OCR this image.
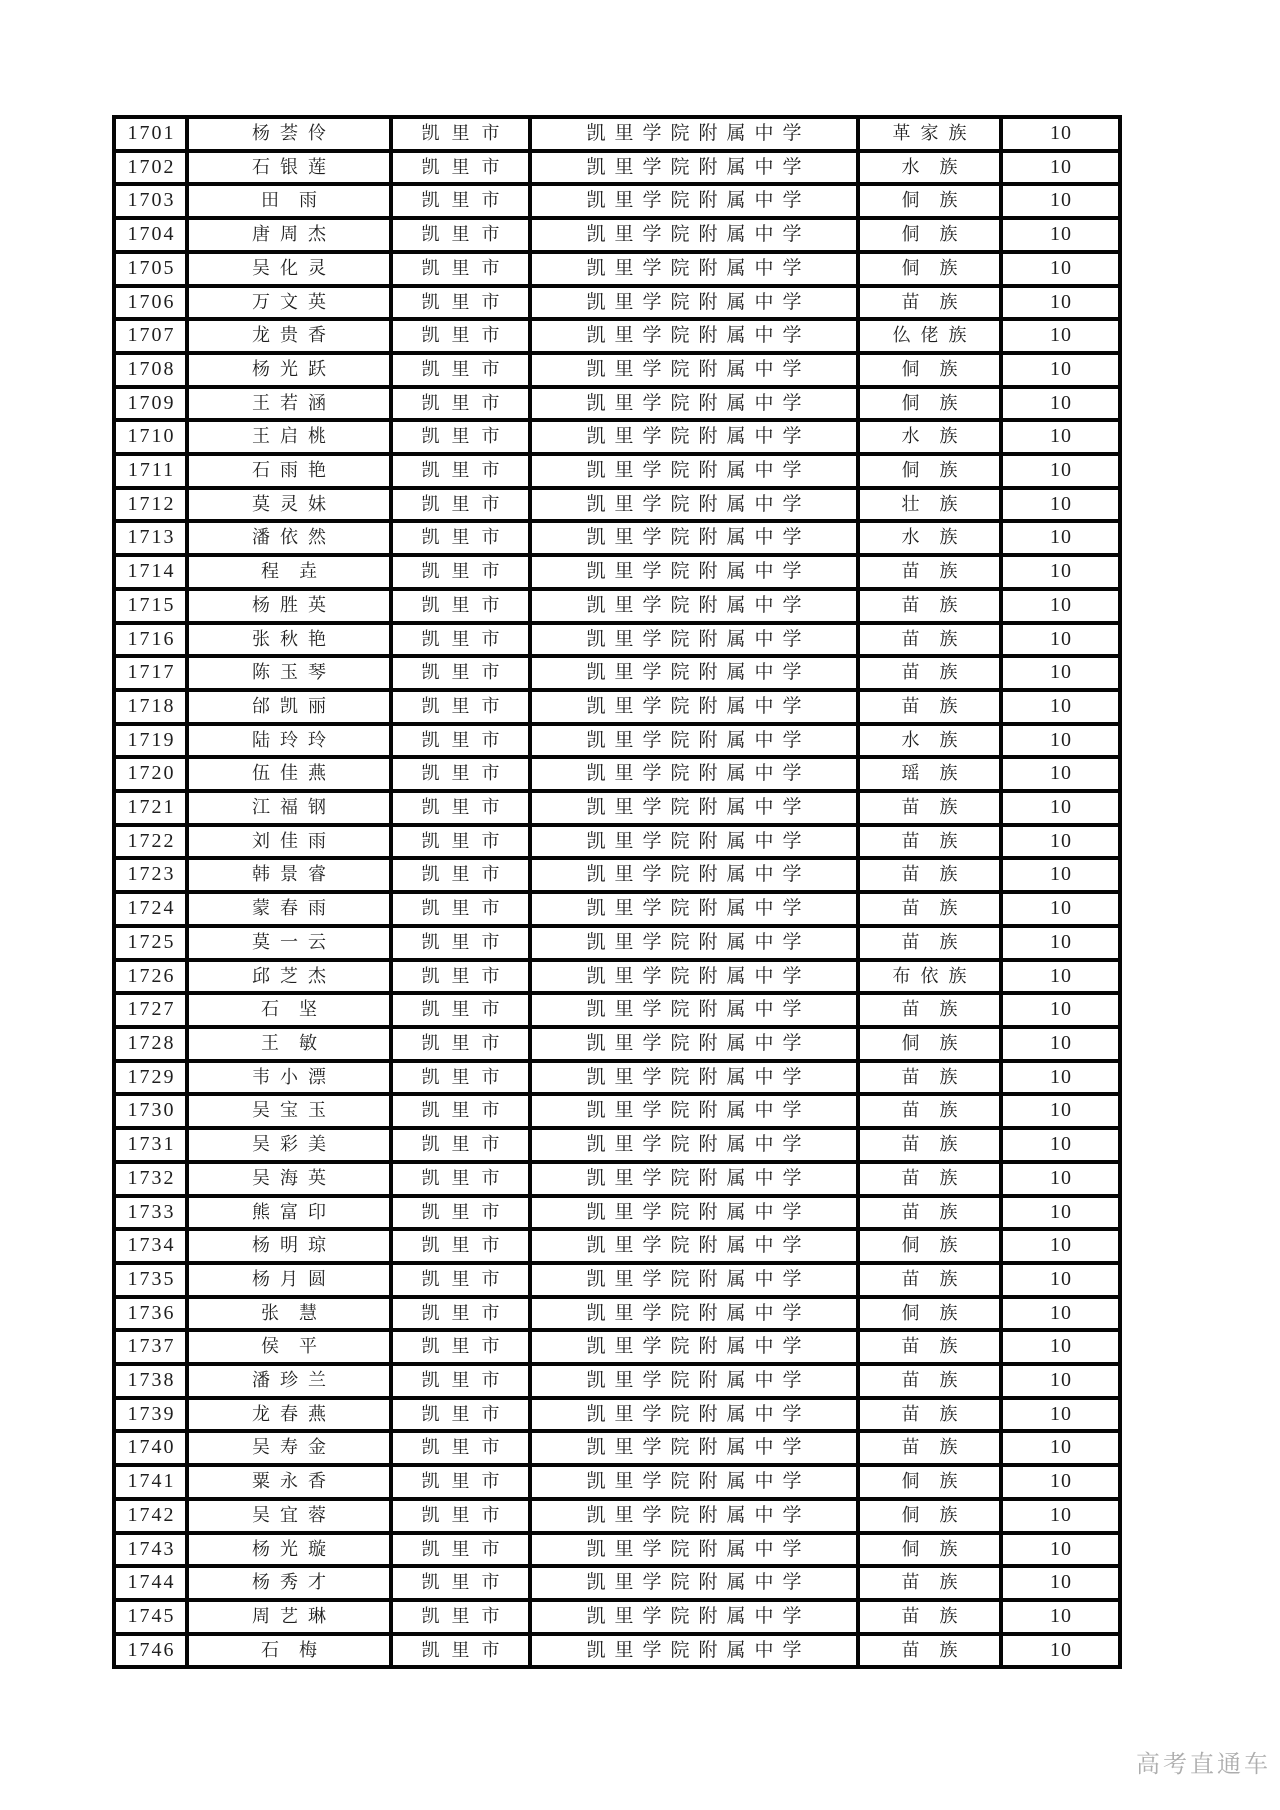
1701	杨荟伶	凯里市	凯里学院附属中学	革家族	10
1702	石银莲	凯里市	凯里学院附属中学	水族	10
1703	田雨	凯里市	凯里学院附属中学	侗族	10
1704	唐周杰	凯里市	凯里学院附属中学	侗族	10
1705	吴化灵	凯里市	凯里学院附属中学	侗族	10
1706	万文英	凯里市	凯里学院附属中学	苗族	10
1707	龙贵香	凯里市	凯里学院附属中学	仫佬族	10
1708	杨光跃	凯里市	凯里学院附属中学	侗族	10
1709	王若涵	凯里市	凯里学院附属中学	侗族	10
1710	王启桃	凯里市	凯里学院附属中学	水族	10
1711	石雨艳	凯里市	凯里学院附属中学	侗族	10
1712	莫灵妹	凯里市	凯里学院附属中学	壮族	10
1713	潘依然	凯里市	凯里学院附属中学	水族	10
1714	程垚	凯里市	凯里学院附属中学	苗族	10
1715	杨胜英	凯里市	凯里学院附属中学	苗族	10
1716	张秋艳	凯里市	凯里学院附属中学	苗族	10
1717	陈玉琴	凯里市	凯里学院附属中学	苗族	10
1718	邰凯丽	凯里市	凯里学院附属中学	苗族	10
1719	陆玲玲	凯里市	凯里学院附属中学	水族	10
1720	伍佳燕	凯里市	凯里学院附属中学	瑶族	10
1721	江福钢	凯里市	凯里学院附属中学	苗族	10
1722	刘佳雨	凯里市	凯里学院附属中学	苗族	10
1723	韩景睿	凯里市	凯里学院附属中学	苗族	10
1724	蒙春雨	凯里市	凯里学院附属中学	苗族	10
1725	莫一云	凯里市	凯里学院附属中学	苗族	10
1726	邱芝杰	凯里市	凯里学院附属中学	布依族	10
1727	石坚	凯里市	凯里学院附属中学	苗族	10
1728	王敏	凯里市	凯里学院附属中学	侗族	10
1729	韦小漂	凯里市	凯里学院附属中学	苗族	10
1730	吴宝玉	凯里市	凯里学院附属中学	苗族	10
1731	吴彩美	凯里市	凯里学院附属中学	苗族	10
1732	吴海英	凯里市	凯里学院附属中学	苗族	10
1733	熊富印	凯里市	凯里学院附属中学	苗族	10
1734	杨明琼	凯里市	凯里学院附属中学	侗族	10
1735	杨月圆	凯里市	凯里学院附属中学	苗族	10
1736	张慧	凯里市	凯里学院附属中学	侗族	10
1737	侯平	凯里市	凯里学院附属中学	苗族	10
1738	潘珍兰	凯里市	凯里学院附属中学	苗族	10
1739	龙春燕	凯里市	凯里学院附属中学	苗族	10
1740	吴寿金	凯里市	凯里学院附属中学	苗族	10
1741	粟永香	凯里市	凯里学院附属中学	侗族	10
1742	吴宜蓉	凯里市	凯里学院附属中学	侗族	10
1743	杨光璇	凯里市	凯里学院附属中学	侗族	10
1744	杨秀才	凯里市	凯里学院附属中学	苗族	10
1745	周艺琳	凯里市	凯里学院附属中学	苗族	10
1746	石梅	凯里市	凯里学院附属中学	苗族	10
高考直通车
